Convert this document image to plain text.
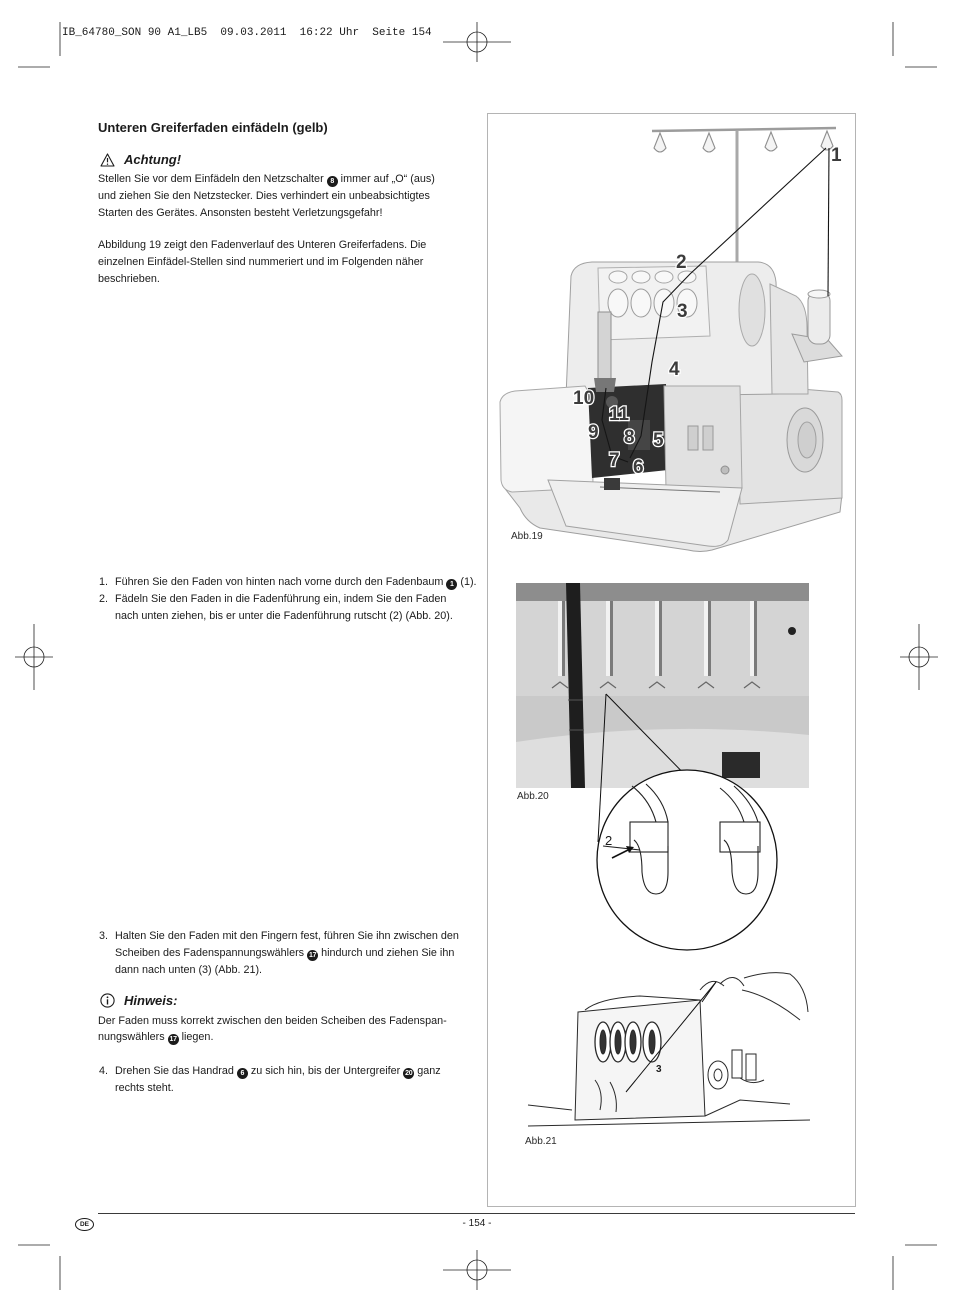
IB_64780_SON 90 A1_LB5  09.03.2011  16:22 Uhr  Seite 154
Unteren Greiferfaden einfädeln (gelb)
Achtung!
Stellen Sie vor dem Einfädeln den Netzschalter 8 immer auf „O“ (aus)
und ziehen Sie den Netzstecker. Dies verhindert ein unbeabsichtigtes
Starten des Gerätes. Ansonsten besteht Verletzungsgefahr!
Abbildung 19 zeigt den Fadenverlauf des Unteren Greiferfadens. Die
einzelnen Einfädel-Stellen sind nummeriert und im Folgenden näher
beschrieben.
1. Führen Sie den Faden von hinten nach vorne durch den Fadenbaum 1 (1).
2. Fädeln Sie den Faden in die Fadenführung ein, indem Sie den Faden
nach unten ziehen, bis er unter die Fadenführung rutscht (2) (Abb. 20).
3. Halten Sie den Faden mit den Fingern fest, führen Sie ihn zwischen den
Scheiben des Fadenspannungswählers 17 hindurch und ziehen Sie ihn
dann nach unten (3) (Abb. 21).
Hinweis:
Der Faden muss korrekt zwischen den beiden Scheiben des Fadenspan-
nungswählers 17 liegen.
4. Drehen Sie das Handrad 6 zu sich hin, bis der Untergreifer 20 ganz
rechts steht.
1
2
3
4
5
6
7
8
9
10
11
Abb.19
2
Abb.20
3
Abb.21
DE	- 154 -
